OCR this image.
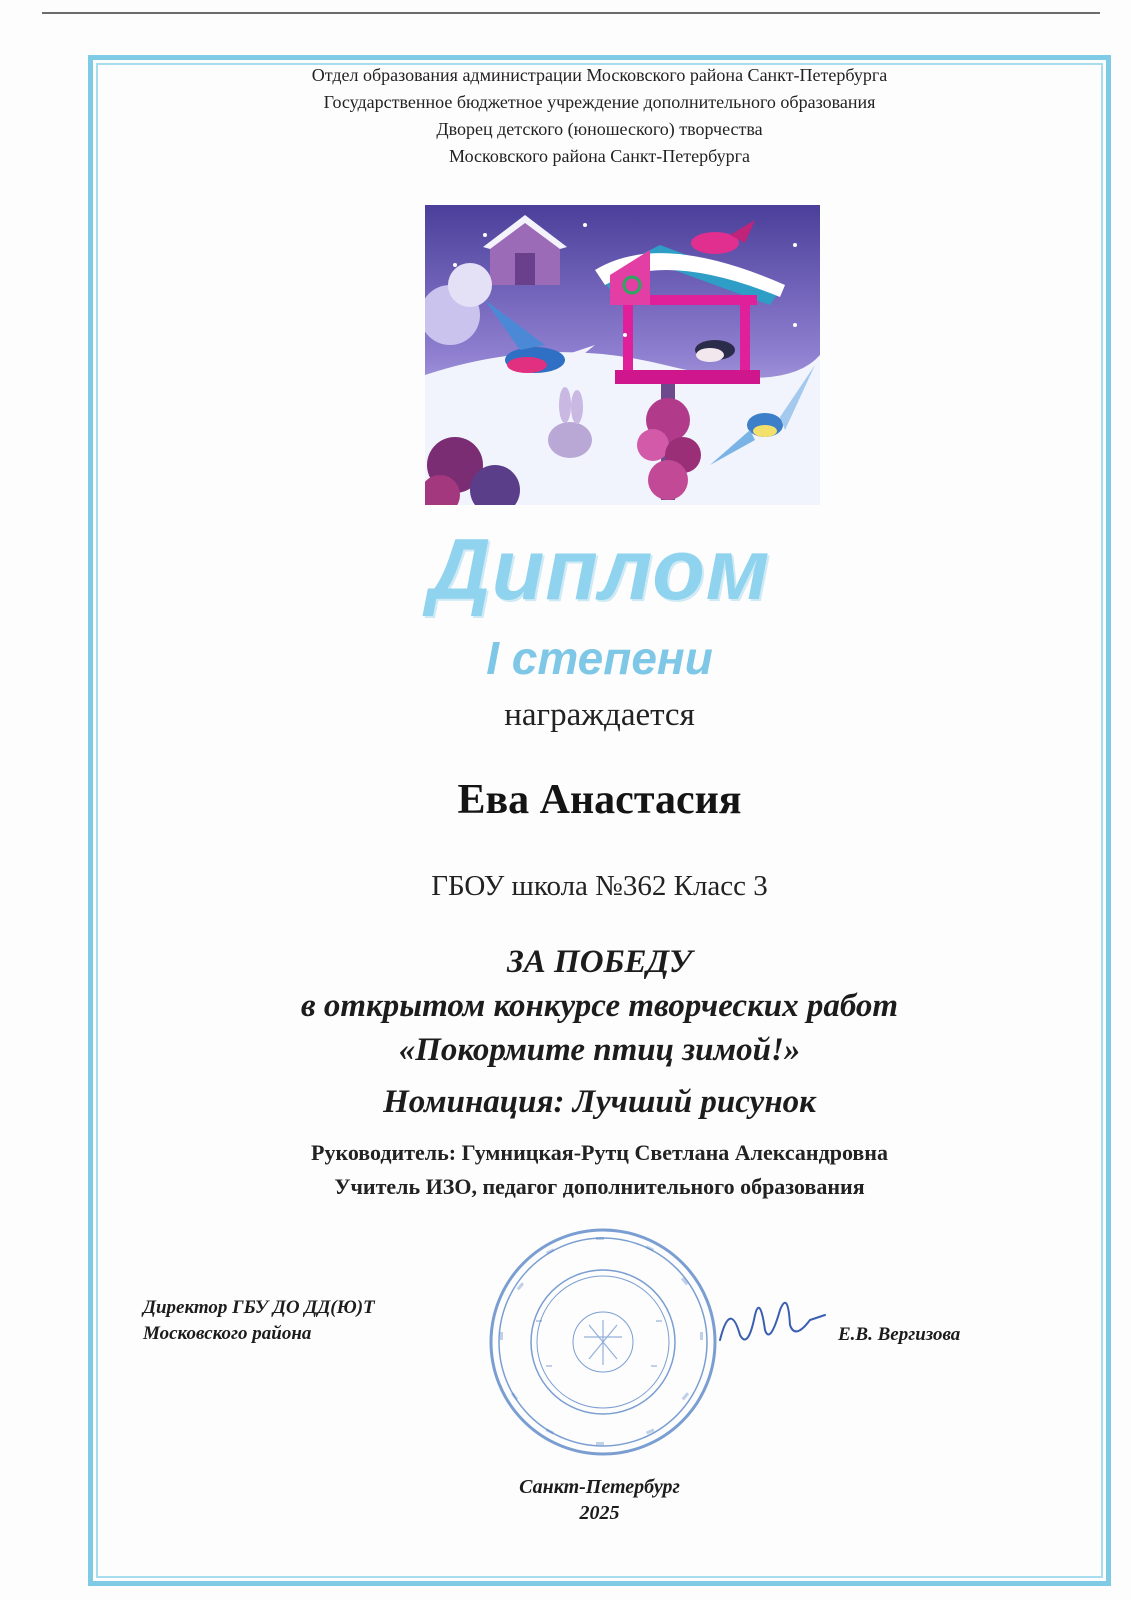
Отдел образования администрации Московского района Санкт-Петербурга
Государственное бюджетное учреждение дополнительного образования
Дворец детского (юношеского) творчества
Московского района Санкт-Петербурга
Диплом
I степени
награждается
Ева Анастасия
ГБОУ школа №362 Класс 3
ЗА ПОБЕДУ
в открытом конкурсе творческих работ
«Покормите птиц зимой!»
Номинация: Лучший рисунок
Руководитель: Гумницкая-Рутц Светлана Александровна
Учитель ИЗО, педагог дополнительного образования
Директор ГБУ ДО ДД(Ю)Т
Московского района	Е.В. Вергизова
Санкт-Петербург
2025
